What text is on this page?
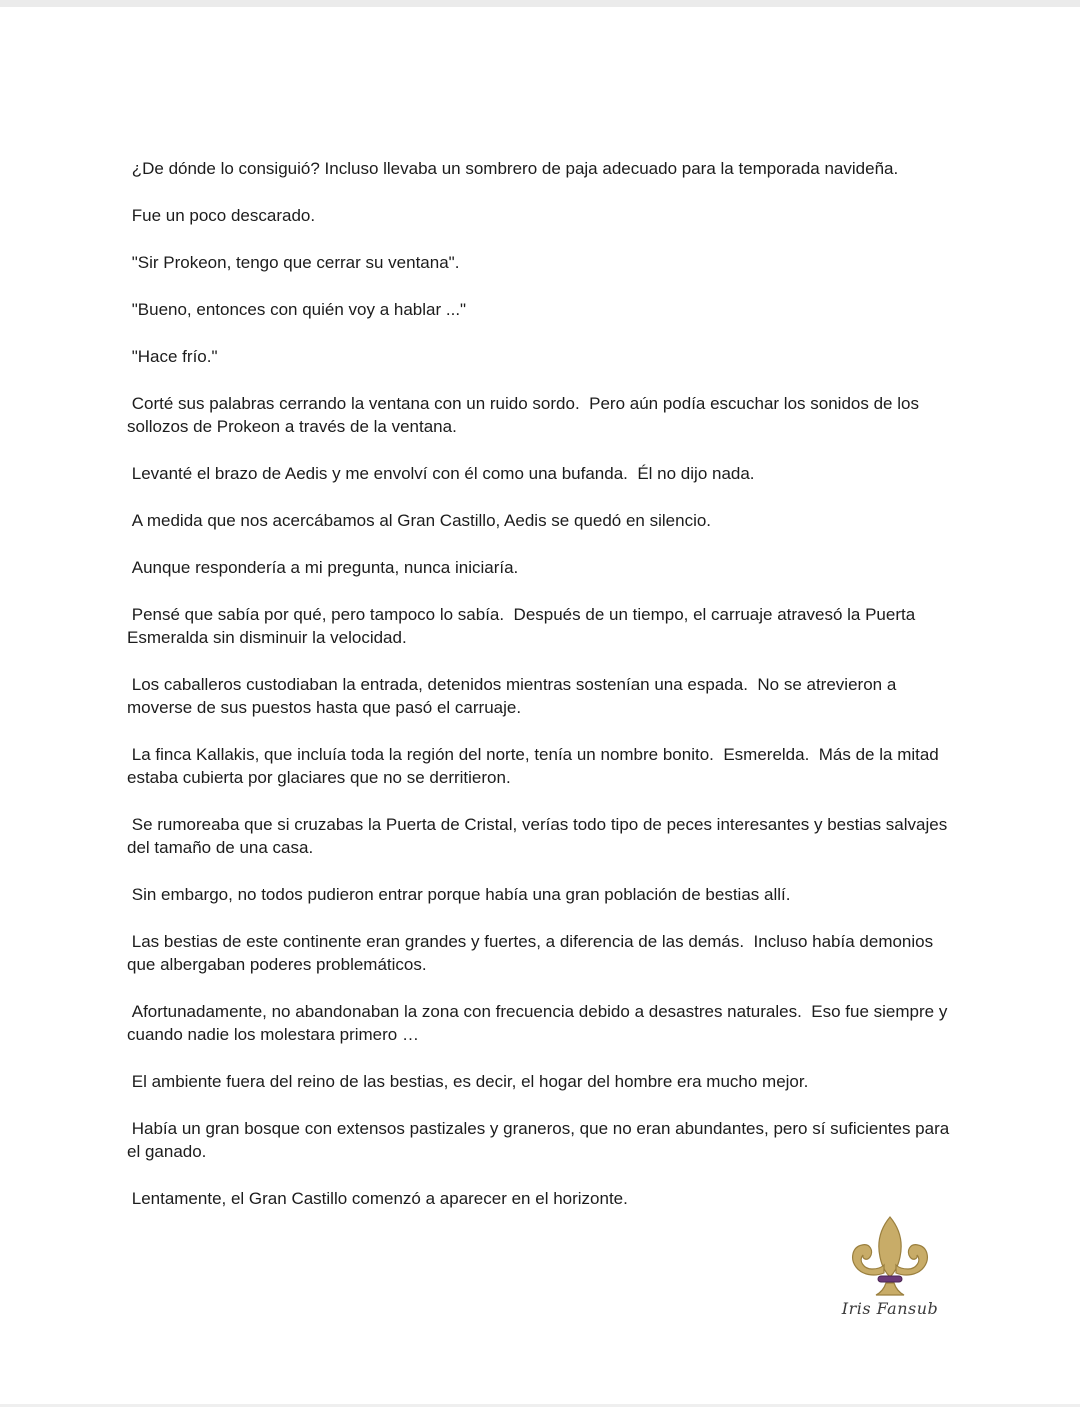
¿De dónde lo consiguió? Incluso llevaba un sombrero de paja adecuado para la temporada navideña.

Fue un poco descarado.

"Sir Prokeon, tengo que cerrar su ventana".

"Bueno, entonces con quién voy a hablar ..."

"Hace frío."

Corté sus palabras cerrando la ventana con un ruido sordo.  Pero aún podía escuchar los sonidos de los sollozos de Prokeon a través de la ventana.

Levanté el brazo de Aedis y me envolví con él como una bufanda.  Él no dijo nada.

A medida que nos acercábamos al Gran Castillo, Aedis se quedó en silencio.

Aunque respondería a mi pregunta, nunca iniciaría.

Pensé que sabía por qué, pero tampoco lo sabía.  Después de un tiempo, el carruaje atravesó la Puerta Esmeralda sin disminuir la velocidad.

Los caballeros custodiaban la entrada, detenidos mientras sostenían una espada.  No se atrevieron a moverse de sus puestos hasta que pasó el carruaje.

La finca Kallakis, que incluía toda la región del norte, tenía un nombre bonito.  Esmerelda.  Más de la mitad estaba cubierta por glaciares que no se derritieron.

Se rumoreaba que si cruzabas la Puerta de Cristal, verías todo tipo de peces interesantes y bestias salvajes del tamaño de una casa.

Sin embargo, no todos pudieron entrar porque había una gran población de bestias allí.

Las bestias de este continente eran grandes y fuertes, a diferencia de las demás.  Incluso había demonios que albergaban poderes problemáticos.

Afortunadamente, no abandonaban la zona con frecuencia debido a desastres naturales.  Eso fue siempre y cuando nadie los molestara primero …

El ambiente fuera del reino de las bestias, es decir, el hogar del hombre era mucho mejor.

Había un gran bosque con extensos pastizales y graneros, que no eran abundantes, pero sí suficientes para el ganado.

Lentamente, el Gran Castillo comenzó a aparecer en el horizonte.

Iris Fansub
